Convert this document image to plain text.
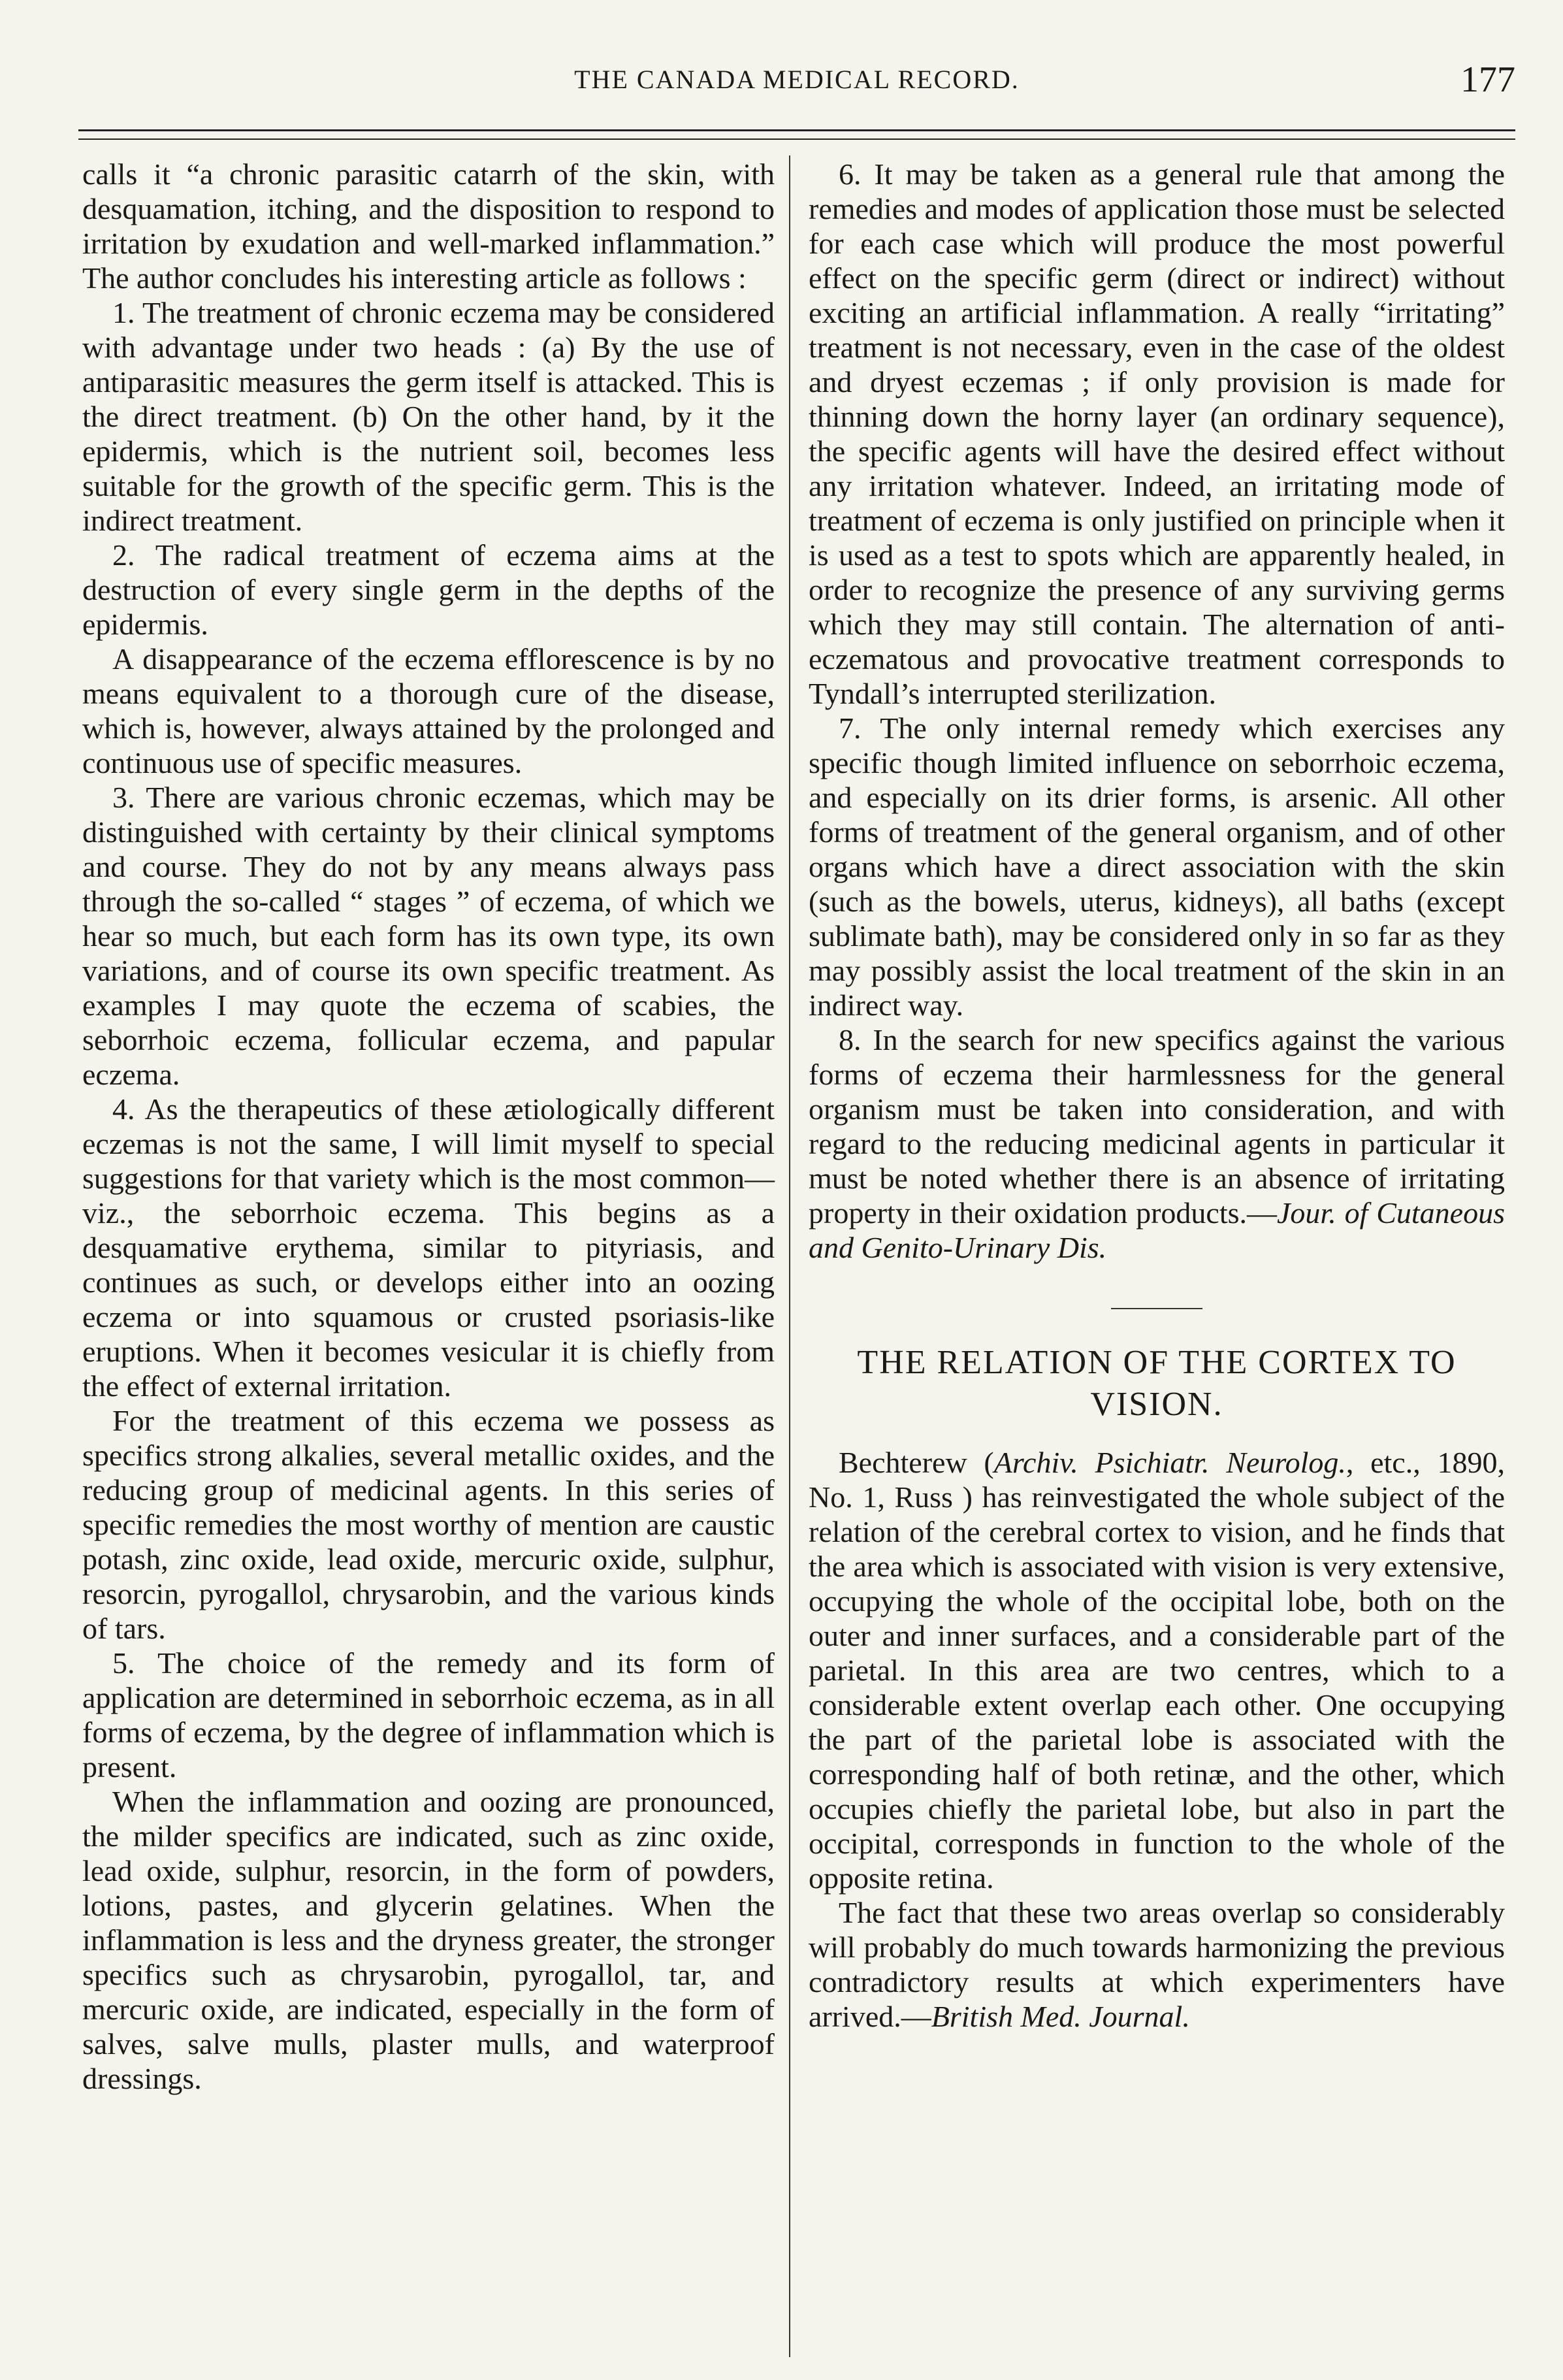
THE CANADA MEDICAL RECORD.	177

calls it “a chronic parasitic catarrh of the skin, with desquamation, itching, and the disposition to respond to irritation by exudation and well-marked inflammation.” The author concludes his interesting article as follows :

1. The treatment of chronic eczema may be considered with advantage under two heads : (a) By the use of antiparasitic measures the germ itself is attacked. This is the direct treatment. (b) On the other hand, by it the epidermis, which is the nutrient soil, becomes less suitable for the growth of the specific germ. This is the indirect treatment.

2. The radical treatment of eczema aims at the destruction of every single germ in the depths of the epidermis.

A disappearance of the eczema efflorescence is by no means equivalent to a thorough cure of the disease, which is, however, always attained by the prolonged and continuous use of specific measures.

3. There are various chronic eczemas, which may be distinguished with certainty by their clinical symptoms and course. They do not by any means always pass through the so-called “ stages ” of eczema, of which we hear so much, but each form has its own type, its own variations, and of course its own specific treatment. As examples I may quote the eczema of scabies, the seborrhoic eczema, follicular eczema, and papular eczema.

4. As the therapeutics of these ætiologically different eczemas is not the same, I will limit myself to special suggestions for that variety which is the most common—viz., the seborrhoic eczema. This begins as a desquamative erythema, similar to pityriasis, and continues as such, or develops either into an oozing eczema or into squamous or crusted psoriasis-like eruptions. When it becomes vesicular it is chiefly from the effect of external irritation.

For the treatment of this eczema we possess as specifics strong alkalies, several metallic oxides, and the reducing group of medicinal agents. In this series of specific remedies the most worthy of mention are caustic potash, zinc oxide, lead oxide, mercuric oxide, sulphur, resorcin, pyrogallol, chrysarobin, and the various kinds of tars.

5. The choice of the remedy and its form of application are determined in seborrhoic eczema, as in all forms of eczema, by the degree of inflammation which is present.

When the inflammation and oozing are pronounced, the milder specifics are indicated, such as zinc oxide, lead oxide, sulphur, resorcin, in the form of powders, lotions, pastes, and glycerin gelatines. When the inflammation is less and the dryness greater, the stronger specifics such as chrysarobin, pyrogallol, tar, and mercuric oxide, are indicated, especially in the form of salves, salve mulls, plaster mulls, and waterproof dressings.

6. It may be taken as a general rule that among the remedies and modes of application those must be selected for each case which will produce the most powerful effect on the specific germ (direct or indirect) without exciting an artificial inflammation. A really “irritating” treatment is not necessary, even in the case of the oldest and dryest eczemas ; if only provision is made for thinning down the horny layer (an ordinary sequence), the specific agents will have the desired effect without any irritation whatever. Indeed, an irritating mode of treatment of eczema is only justified on principle when it is used as a test to spots which are apparently healed, in order to recognize the presence of any surviving germs which they may still contain. The alternation of anti-eczematous and provocative treatment corresponds to Tyndall’s interrupted sterilization.

7. The only internal remedy which exercises any specific though limited influence on seborrhoic eczema, and especially on its drier forms, is arsenic. All other forms of treatment of the general organism, and of other organs which have a direct association with the skin (such as the bowels, uterus, kidneys), all baths (except sublimate bath), may be considered only in so far as they may possibly assist the local treatment of the skin in an indirect way.

8. In the search for new specifics against the various forms of eczema their harmlessness for the general organism must be taken into consideration, and with regard to the reducing medicinal agents in particular it must be noted whether there is an absence of irritating property in their oxidation products.—Jour. of Cutaneous and Genito-Urinary Dis.

THE RELATION OF THE CORTEX TO VISION.

Bechterew (Archiv. Psichiatr. Neurolog., etc., 1890, No. 1, Russ ) has reinvestigated the whole subject of the relation of the cerebral cortex to vision, and he finds that the area which is associated with vision is very extensive, occupying the whole of the occipital lobe, both on the outer and inner surfaces, and a considerable part of the parietal. In this area are two centres, which to a considerable extent overlap each other. One occupying the part of the parietal lobe is associated with the corresponding half of both retinæ, and the other, which occupies chiefly the parietal lobe, but also in part the occipital, corresponds in function to the whole of the opposite retina.

The fact that these two areas overlap so considerably will probably do much towards harmonizing the previous contradictory results at which experimenters have arrived.—British Med. Journal.
